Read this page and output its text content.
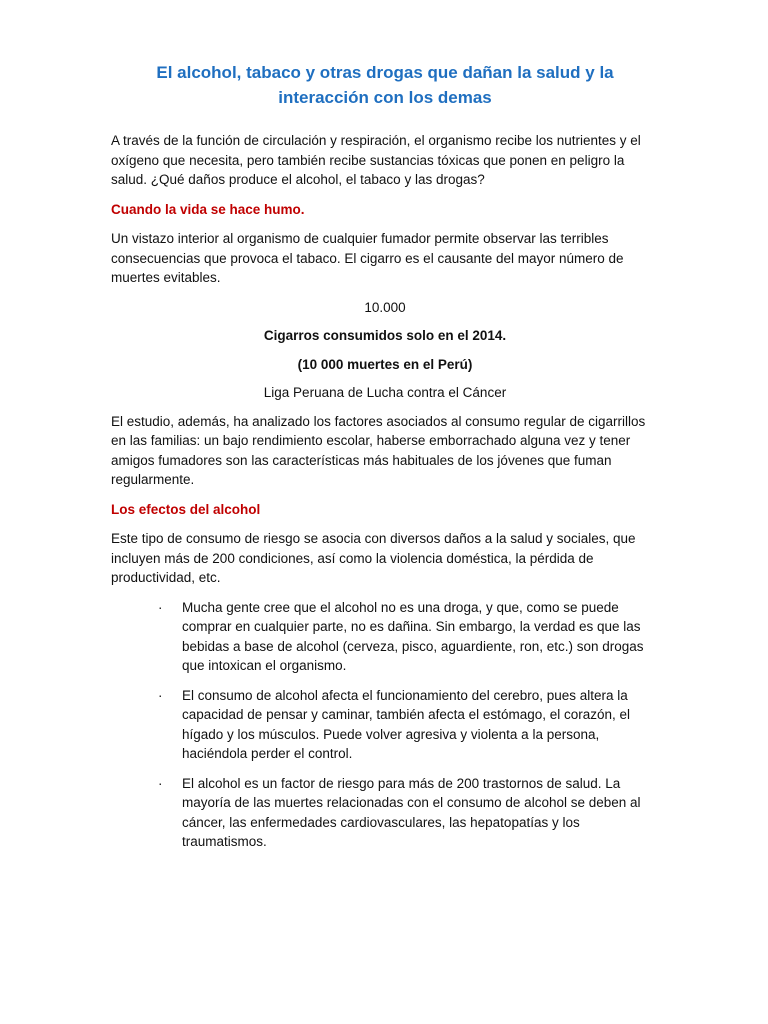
El alcohol, tabaco y otras drogas que dañan la salud y la interacción con los demas

A través de la función de circulación y respiración, el organismo recibe los nutrientes y el oxígeno que necesita, pero también recibe sustancias tóxicas que ponen en peligro la salud. ¿Qué daños produce el alcohol, el tabaco y las drogas?

Cuando la vida se hace humo.

Un vistazo interior al organismo de cualquier fumador permite observar las terribles consecuencias que provoca el tabaco. El cigarro es el causante del mayor número de muertes evitables.

10.000

Cigarros consumidos solo en el 2014.

(10 000 muertes en el Perú)

Liga Peruana de Lucha contra el Cáncer

El estudio, además, ha analizado los factores asociados al consumo regular de cigarrillos en las familias: un bajo rendimiento escolar, haberse emborrachado alguna vez y tener amigos fumadores son las características más habituales de los jóvenes que fuman regularmente.

Los efectos del alcohol

Este tipo de consumo de riesgo se asocia con diversos daños a la salud y sociales, que incluyen más de 200 condiciones, así como la violencia doméstica, la pérdida de productividad, etc.

· Mucha gente cree que el alcohol no es una droga, y que, como se puede comprar en cualquier parte, no es dañina. Sin embargo, la verdad es que las bebidas a base de alcohol (cerveza, pisco, aguardiente, ron, etc.) son drogas que intoxican el organismo.
· El consumo de alcohol afecta el funcionamiento del cerebro, pues altera la capacidad de pensar y caminar, también afecta el estómago, el corazón, el hígado y los músculos. Puede volver agresiva y violenta a la persona, haciéndola perder el control.
· El alcohol es un factor de riesgo para más de 200 trastornos de salud. La mayoría de las muertes relacionadas con el consumo de alcohol se deben al cáncer, las enfermedades cardiovasculares, las hepatopatías y los traumatismos.
